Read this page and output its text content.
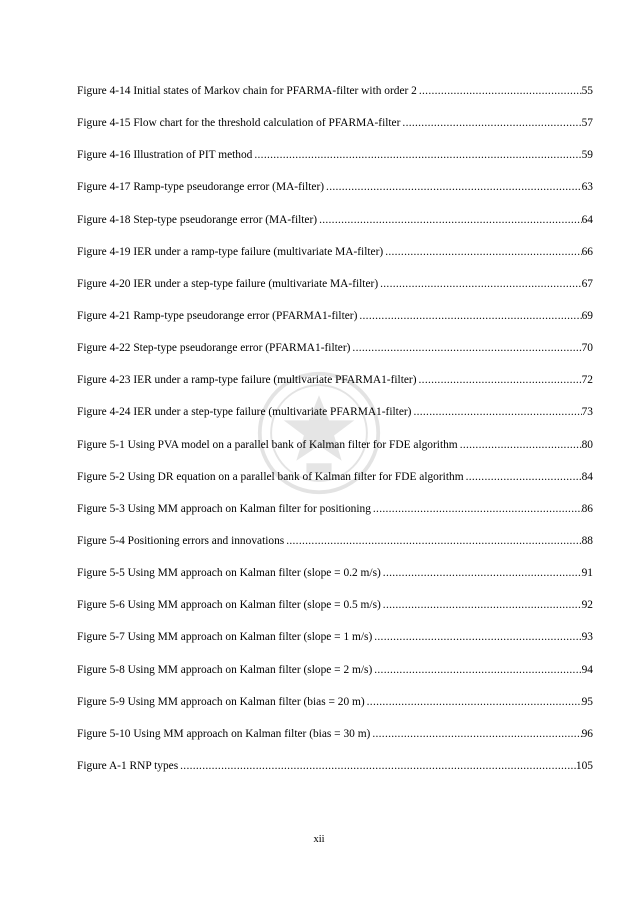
Figure 4-14 Initial states of Markov chain for PFARMA-filter with order 2 .....	55
Figure 4-15 Flow chart for the threshold calculation of PFARMA-filter .....	57
Figure 4-16 Illustration of PIT method .....	59
Figure 4-17 Ramp-type pseudorange error (MA-filter) .....	63
Figure 4-18 Step-type pseudorange error (MA-filter) .....	64
Figure 4-19 IER under a ramp-type failure (multivariate MA-filter) .....	66
Figure 4-20 IER under a step-type failure (multivariate MA-filter) .....	67
Figure 4-21 Ramp-type pseudorange error (PFARMA1-filter) .....	69
Figure 4-22 Step-type pseudorange error (PFARMA1-filter) .....	70
Figure 4-23 IER under a ramp-type failure (multivariate PFARMA1-filter) .....	72
Figure 4-24 IER under a step-type failure (multivariate PFARMA1-filter) .....	73
Figure 5-1 Using PVA model on a parallel bank of Kalman filter for FDE algorithm .....	80
Figure 5-2 Using DR equation on a parallel bank of Kalman filter for FDE algorithm .....	84
Figure 5-3 Using MM approach on Kalman filter for positioning .....	86
Figure 5-4 Positioning errors and innovations .....	88
Figure 5-5 Using MM approach on Kalman filter (slope = 0.2 m/s) .....	91
Figure 5-6 Using MM approach on Kalman filter (slope = 0.5 m/s) .....	92
Figure 5-7 Using MM approach on Kalman filter (slope = 1 m/s) .....	93
Figure 5-8 Using MM approach on Kalman filter (slope = 2 m/s) .....	94
Figure 5-9 Using MM approach on Kalman filter (bias = 20 m) .....	95
Figure 5-10 Using MM approach on Kalman filter (bias = 30 m) .....	96
Figure A-1 RNP types .....	105
xii
